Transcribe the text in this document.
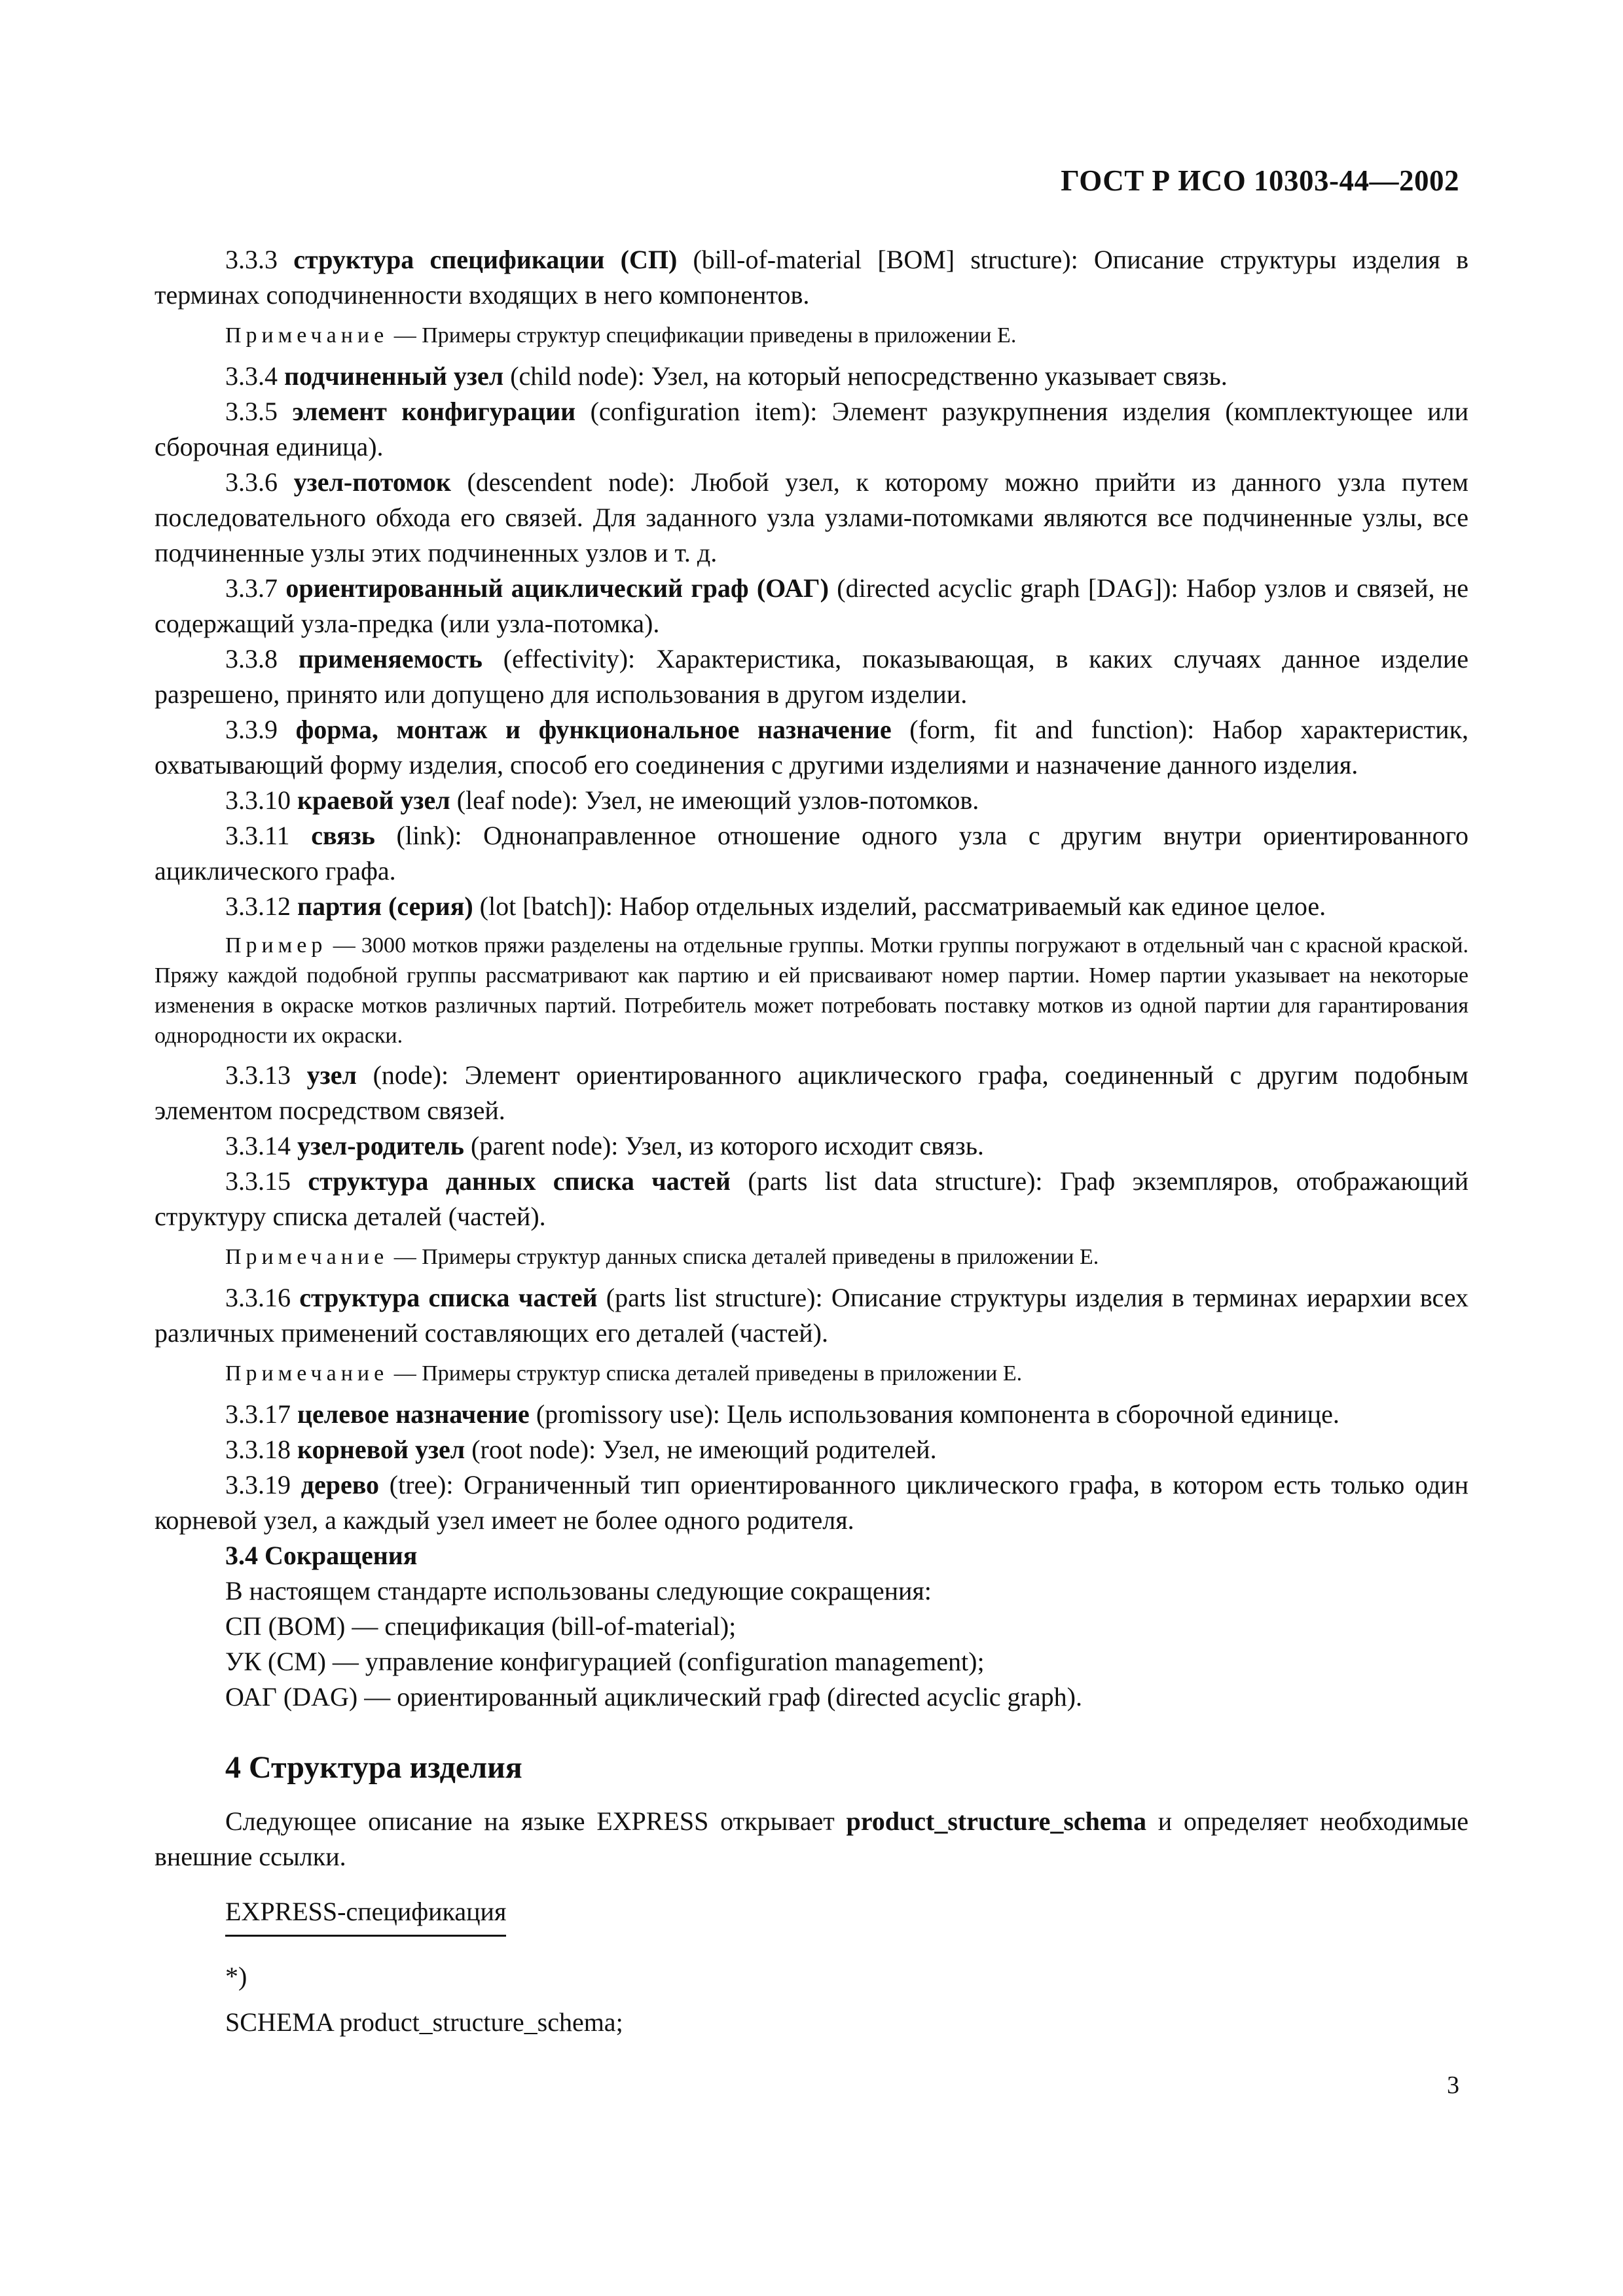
ГОСТ Р ИСО 10303-44—2002

3.3.3 структура спецификации (СП) (bill-of-material [BOM] structure): Описание структуры изделия в терминах соподчиненности входящих в него компонентов.

Примечание — Примеры структур спецификации приведены в приложении Е.

3.3.4 подчиненный узел (child node): Узел, на который непосредственно указывает связь.

3.3.5 элемент конфигурации (configuration item): Элемент разукрупнения изделия (комплектующее или сборочная единица).

3.3.6 узел-потомок (descendent node): Любой узел, к которому можно прийти из данного узла путем последовательного обхода его связей. Для заданного узла узлами-потомками являются все подчиненные узлы, все подчиненные узлы этих подчиненных узлов и т. д.

3.3.7 ориентированный ациклический граф (ОАГ) (directed acyclic graph [DAG]): Набор узлов и связей, не содержащий узла-предка (или узла-потомка).

3.3.8 применяемость (effectivity): Характеристика, показывающая, в каких случаях данное изделие разрешено, принято или допущено для использования в другом изделии.

3.3.9 форма, монтаж и функциональное назначение (form, fit and function): Набор характеристик, охватывающий форму изделия, способ его соединения с другими изделиями и назначение данного изделия.

3.3.10 краевой узел (leaf node): Узел, не имеющий узлов-потомков.

3.3.11 связь (link): Однонаправленное отношение одного узла с другим внутри ориентированного ациклического графа.

3.3.12 партия (серия) (lot [batch]): Набор отдельных изделий, рассматриваемый как единое целое.

Пример — 3000 мотков пряжи разделены на отдельные группы. Мотки группы погружают в отдельный чан с красной краской. Пряжу каждой подобной группы рассматривают как партию и ей присваивают номер партии. Номер партии указывает на некоторые изменения в окраске мотков различных партий. Потребитель может потребовать поставку мотков из одной партии для гарантирования однородности их окраски.

3.3.13 узел (node): Элемент ориентированного ациклического графа, соединенный с другим подобным элементом посредством связей.

3.3.14 узел-родитель (parent node): Узел, из которого исходит связь.

3.3.15 структура данных списка частей (parts list data structure): Граф экземпляров, отображающий структуру списка деталей (частей).

Примечание — Примеры структур данных списка деталей приведены в приложении Е.

3.3.16 структура списка частей (parts list structure): Описание структуры изделия в терминах иерархии всех различных применений составляющих его деталей (частей).

Примечание — Примеры структур списка деталей приведены в приложении Е.

3.3.17 целевое назначение (promissory use): Цель использования компонента в сборочной единице.

3.3.18 корневой узел (root node): Узел, не имеющий родителей.

3.3.19 дерево (tree): Ограниченный тип ориентированного циклического графа, в котором есть только один корневой узел, а каждый узел имеет не более одного родителя.

3.4 Сокращения

В настоящем стандарте использованы следующие сокращения:

СП (BOM) — спецификация (bill-of-material);

УК (CM) — управление конфигурацией (configuration management);

ОАГ (DAG) — ориентированный ациклический граф (directed acyclic graph).

4 Структура изделия

Следующее описание на языке EXPRESS открывает product_structure_schema и определяет необходимые внешние ссылки.

EXPRESS-спецификация
*)
SCHEMA product_structure_schema;
3
